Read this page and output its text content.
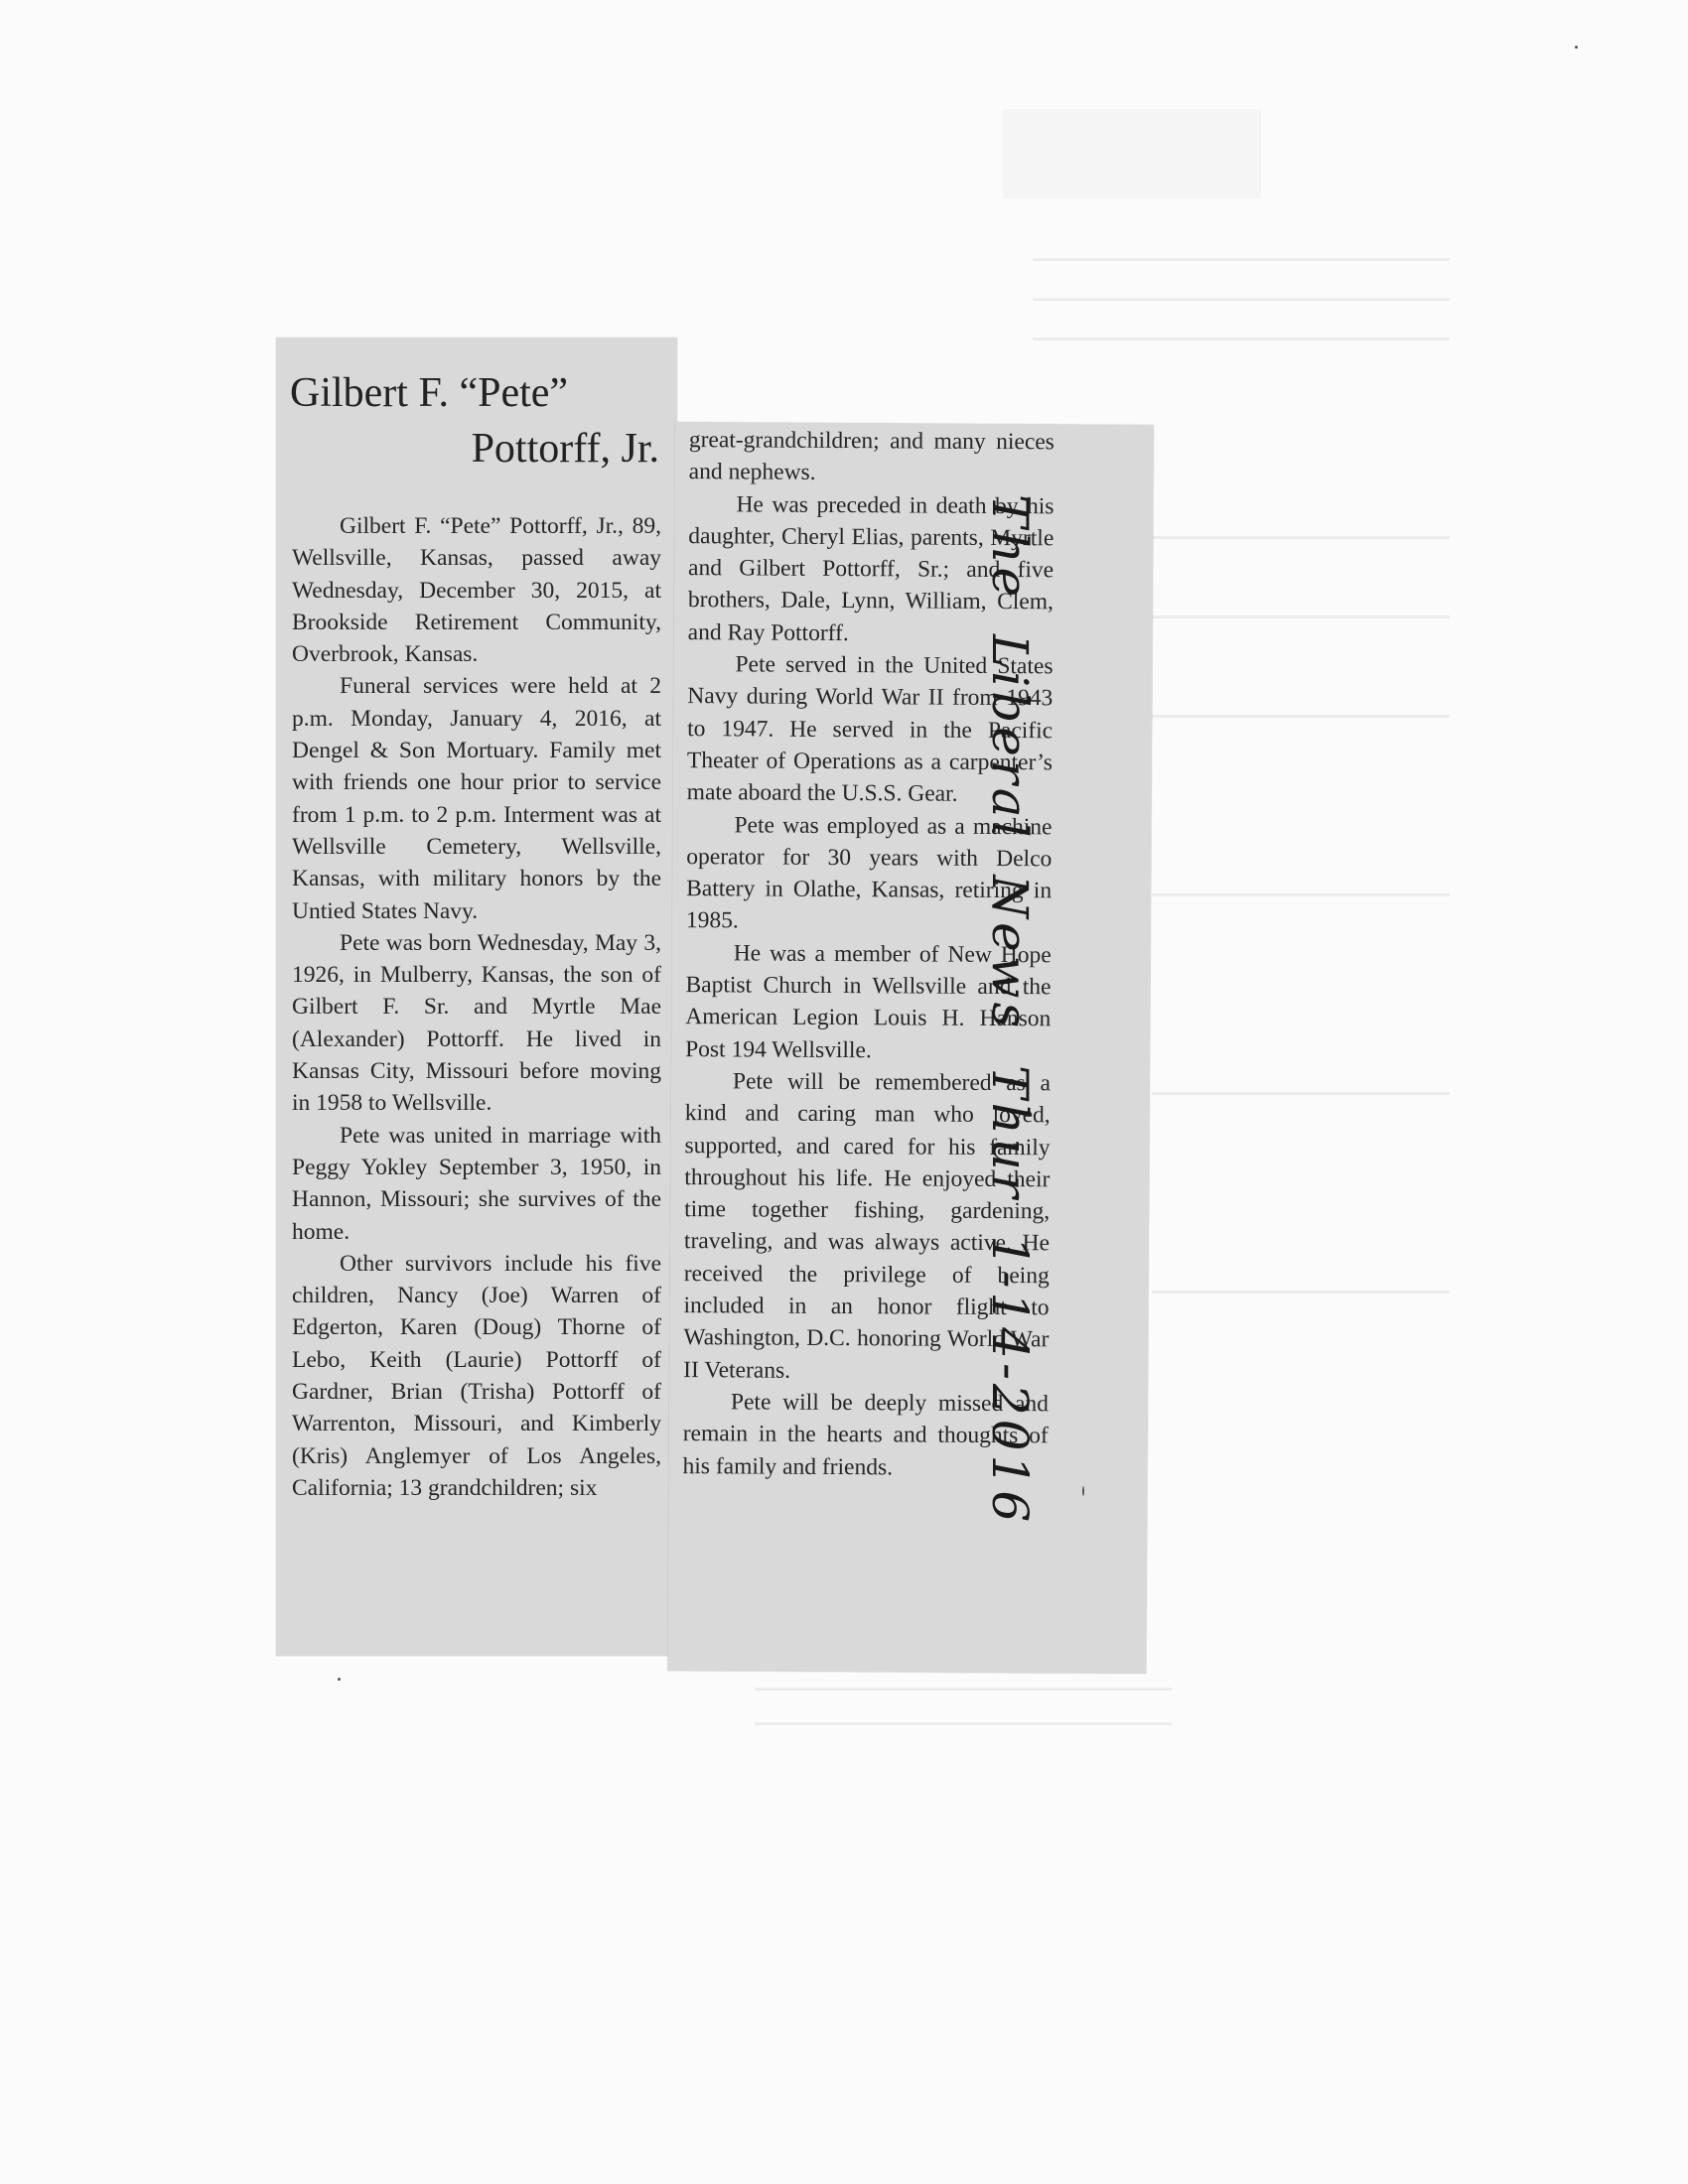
Gilbert F. “Pete”
Pottorff, Jr.

Gilbert F. “Pete” Pottorff, Jr., 89, Wellsville, Kansas, passed away Wednesday, December 30, 2015, at Brookside Retirement Community, Overbrook, Kansas.

Funeral services were held at 2 p.m. Monday, January 4, 2016, at Dengel & Son Mortuary. Family met with friends one hour prior to service from 1 p.m. to 2 p.m. Interment was at Wellsville Cemetery, Wellsville, Kansas, with military honors by the Untied States Navy.

Pete was born Wednesday, May 3, 1926, in Mulberry, Kansas, the son of Gilbert F. Sr. and Myrtle Mae (Alexander) Pottorff. He lived in Kansas City, Missouri before moving in 1958 to Wellsville.

Pete was united in marriage with Peggy Yokley September 3, 1950, in Hannon, Missouri; she survives of the home.

Other survivors include his five children, Nancy (Joe) Warren of Edgerton, Karen (Doug) Thorne of Lebo, Keith (Laurie) Pottorff of Gardner, Brian (Trisha) Pottorff of Warrenton, Missouri, and Kimberly (Kris) Anglemyer of Los Angeles, California; 13 grandchildren; six

great-grandchildren; and many nieces and nephews.

He was preceded in death by his daughter, Cheryl Elias, parents, Myrtle and Gilbert Pottorff, Sr.; and five brothers, Dale, Lynn, William, Clem, and Ray Pottorff.

Pete served in the United States Navy during World War II from 1943 to 1947. He served in the Pacific Theater of Operations as a carpenter’s mate aboard the U.S.S. Gear.

Pete was employed as a machine operator for 30 years with Delco Battery in Olathe, Kansas, retiring in 1985.

He was a member of New Hope Baptist Church in Wellsville and the American Legion Louis H. Hanson Post 194 Wellsville.

Pete will be remembered as a kind and caring man who loved, supported, and cared for his family throughout his life. He enjoyed their time together fishing, gardening, traveling, and was always active. He received the privilege of being included in an honor flight to Washington, D.C. honoring World War II Veterans.

Pete will be deeply missed and remain in the hearts and thoughts of his family and friends.	The Liberal News Thur 1-14-2016
